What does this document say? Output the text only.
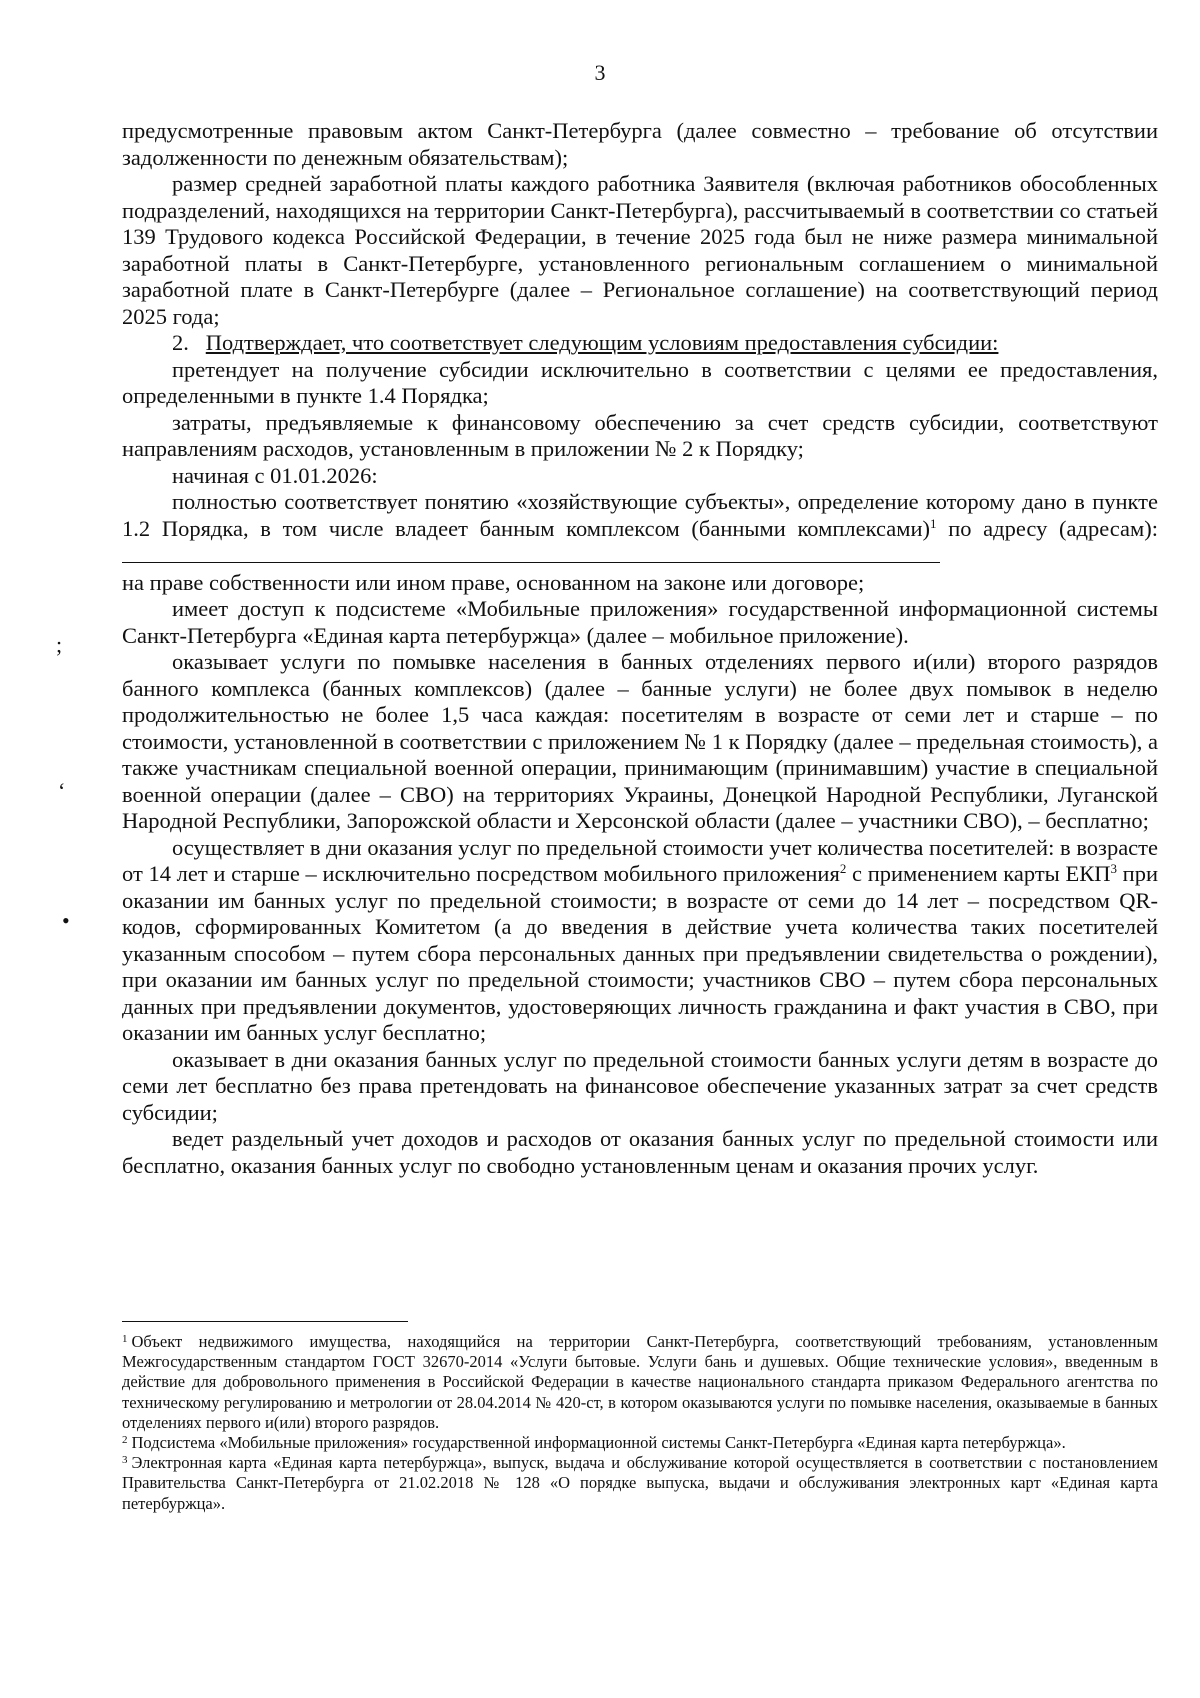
3

предусмотренные правовым актом Санкт-Петербурга (далее совместно – требование об отсутствии задолженности по денежным обязательствам);

размер средней заработной платы каждого работника Заявителя (включая работников обособленных подразделений, находящихся на территории Санкт-Петербурга), рассчитываемый в соответствии со статьей 139 Трудового кодекса Российской Федерации, в течение 2025 года был не ниже размера минимальной заработной платы в Санкт-Петербурге, установленного региональным соглашением о минимальной заработной плате в Санкт-Петербурге (далее – Региональное соглашение) на соответствующий период 2025 года;

2. Подтверждает, что соответствует следующим условиям предоставления субсидии:

претендует на получение субсидии исключительно в соответствии с целями ее предоставления, определенными в пункте 1.4 Порядка;

затраты, предъявляемые к финансовому обеспечению за счет средств субсидии, соответствуют направлениям расходов, установленным в приложении № 2 к Порядку;

начиная с 01.01.2026:

полностью соответствует понятию «хозяйствующие субъекты», определение которому дано в пункте 1.2 Порядка, в том числе владеет банным комплексом (банными комплексами)$^1$ по адресу (адресам):

на праве собственности или ином праве, основанном на законе или договоре;

имеет доступ к подсистеме «Мобильные приложения» государственной информационной системы Санкт-Петербурга «Единая карта петербуржца» (далее – мобильное приложение).

оказывает услуги по помывке населения в банных отделениях первого и(или) второго разрядов банного комплекса (банных комплексов) (далее – банные услуги) не более двух помывок в неделю продолжительностью не более 1,5 часа каждая: посетителям в возрасте от семи лет и старше – по стоимости, установленной в соответствии с приложением № 1 к Порядку (далее – предельная стоимость), а также участникам специальной военной операции, принимающим (принимавшим) участие в специальной военной операции (далее – СВО) на территориях Украины, Донецкой Народной Республики, Луганской Народной Республики, Запорожской области и Херсонской области (далее – участники СВО), – бесплатно;

осуществляет в дни оказания услуг по предельной стоимости учет количества посетителей: в возрасте от 14 лет и старше – исключительно посредством мобильного приложения$^2$ с применением карты ЕКП$^3$ при оказании им банных услуг по предельной стоимости; в возрасте от семи до 14 лет – посредством QR-кодов, сформированных Комитетом (а до введения в действие учета количества таких посетителей указанным способом – путем сбора персональных данных при предъявлении свидетельства о рождении), при оказании им банных услуг по предельной стоимости; участников СВО – путем сбора персональных данных при предъявлении документов, удостоверяющих личность гражданина и факт участия в СВО, при оказании им банных услуг бесплатно;

оказывает в дни оказания банных услуг по предельной стоимости банных услуги детям в возрасте до семи лет бесплатно без права претендовать на финансовое обеспечение указанных затрат за счет средств субсидии;

ведет раздельный учет доходов и расходов от оказания банных услуг по предельной стоимости или бесплатно, оказания банных услуг по свободно установленным ценам и оказания прочих услуг.

;
ʻ
•

$^1$ Объект недвижимого имущества, находящийся на территории Санкт-Петербурга, соответствующий требованиям, установленным Межгосударственным стандартом ГОСТ 32670-2014 «Услуги бытовые. Услуги бань и душевых. Общие технические условия», введенным в действие для добровольного применения в Российской Федерации в качестве национального стандарта приказом Федерального агентства по техническому регулированию и метрологии от 28.04.2014 № 420-ст, в котором оказываются услуги по помывке населения, оказываемые в банных отделениях первого и(или) второго разрядов.

$^2$ Подсистема «Мобильные приложения» государственной информационной системы Санкт-Петербурга «Единая карта петербуржца».

$^3$ Электронная карта «Единая карта петербуржца», выпуск, выдача и обслуживание которой осуществляется в соответствии с постановлением Правительства Санкт-Петербурга от 21.02.2018 № 128 «О порядке выпуска, выдачи и обслуживания электронных карт «Единая карта петербуржца».
